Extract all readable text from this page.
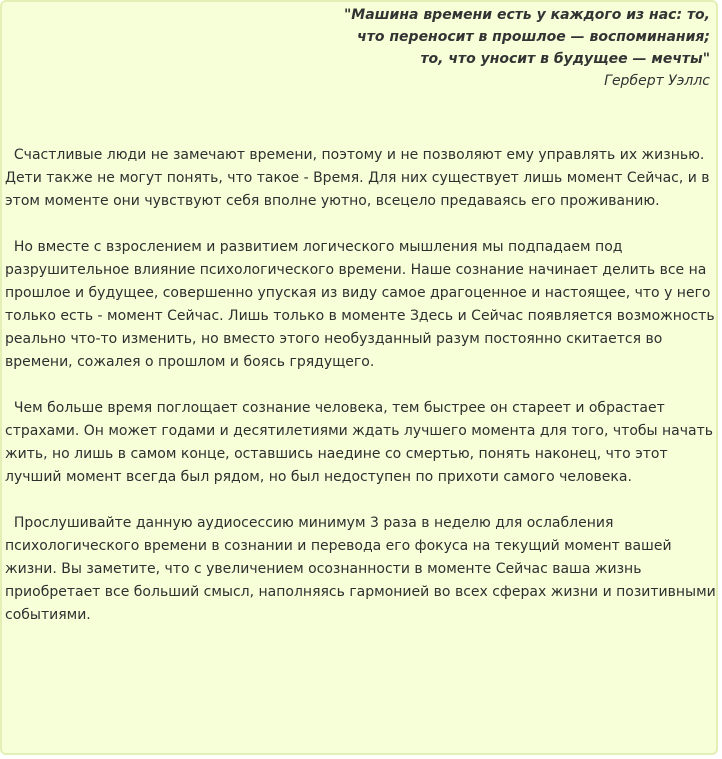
"Машина времени есть у каждого из нас: то,
что переносит в прошлое — воспоминания;
то, что уносит в будущее — мечты"
Герберт Уэллс

Счастливые люди не замечают времени, поэтому и не позволяют ему управлять их жизнью. Дети также не могут понять, что такое - Время. Для них существует лишь момент Сейчас, и в этом моменте они чувствуют себя вполне уютно, всецело предаваясь его проживанию.

Но вместе с взрослением и развитием логического мышления мы подпадаем под разрушительное влияние психологического времени. Наше сознание начинает делить все на прошлое и будущее, совершенно упуская из виду самое драгоценное и настоящее, что у него только есть - момент Сейчас. Лишь только в моменте Здесь и Сейчас появляется возможность реально что-то изменить, но вместо этого необузданный разум постоянно скитается во времени, сожалея о прошлом и боясь грядущего.

Чем больше время поглощает сознание человека, тем быстрее он стареет и обрастает страхами. Он может годами и десятилетиями ждать лучшего момента для того, чтобы начать жить, но лишь в самом конце, оставшись наедине со смертью, понять наконец, что этот лучший момент всегда был рядом, но был недоступен по прихоти самого человека.

Прослушивайте данную аудиосессию минимум 3 раза в неделю для ослабления психологического времени в сознании и перевода его фокуса на текущий момент вашей жизни. Вы заметите, что с увеличением осознанности в моменте Сейчас ваша жизнь приобретает все больший смысл, наполняясь гармонией во всех сферах жизни и позитивными событиями.
